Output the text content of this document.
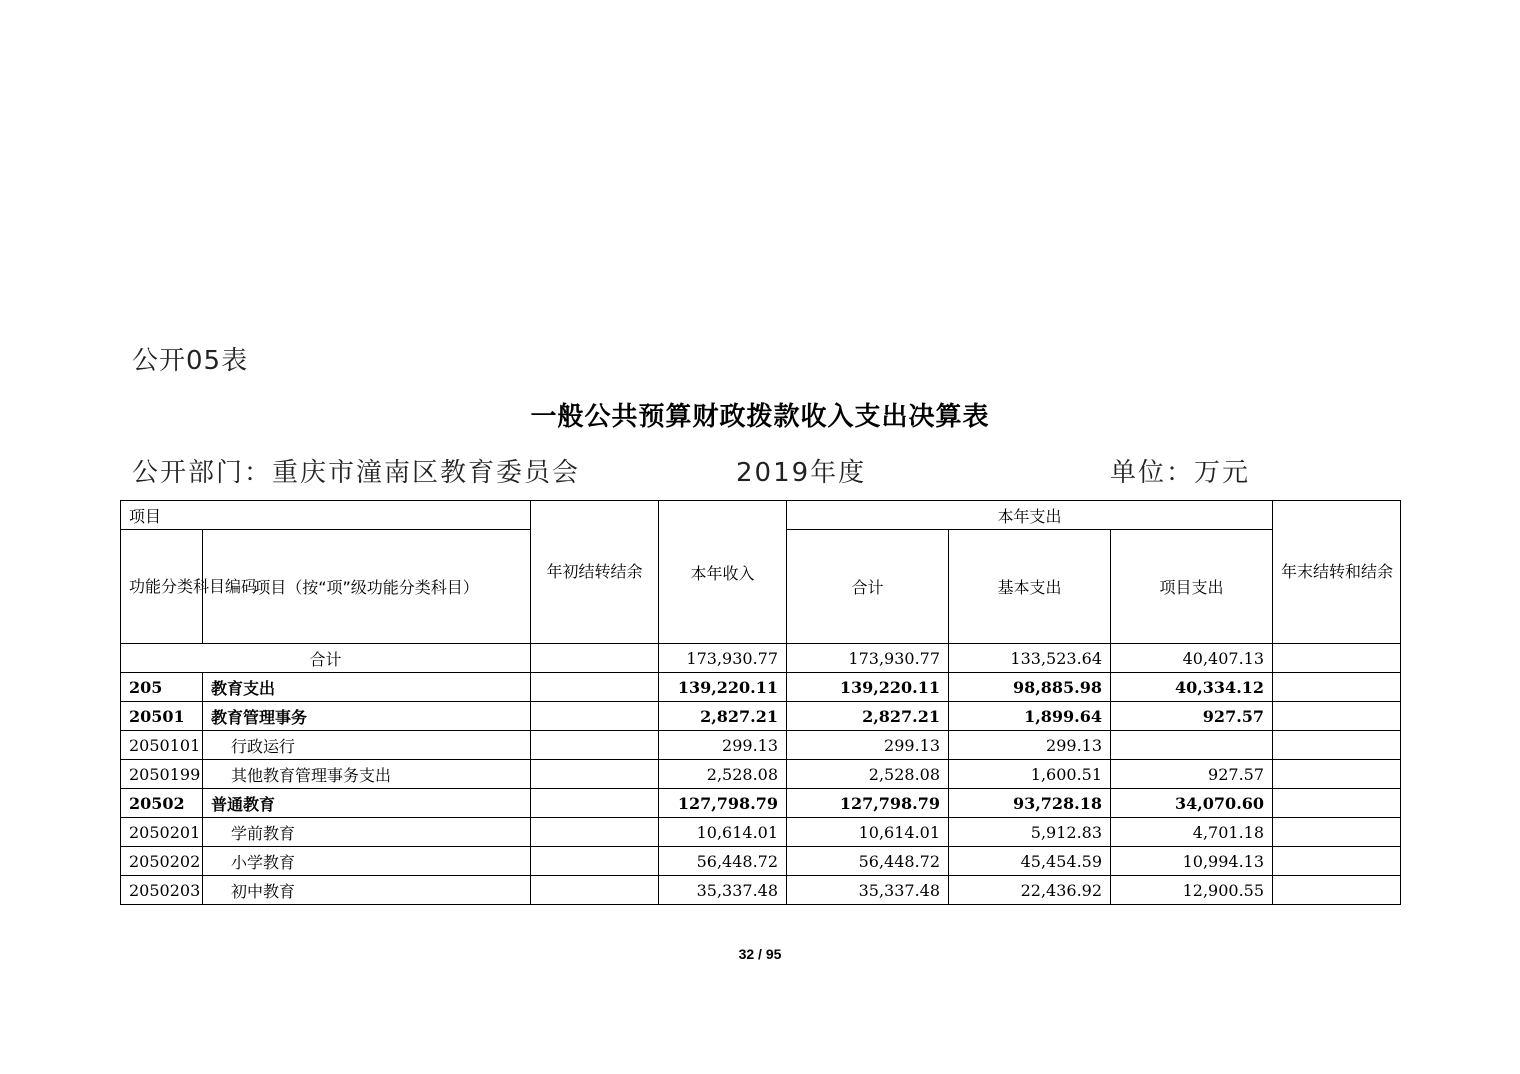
公开05表
一般公共预算财政拨款收入支出决算表
公开部门：重庆市潼南区教育委员会	2019年度	单位：万元
项目		年初结转结余	本年收入	本年支出			年末结转和结余
功能分类科目编码	项目（按“项”级功能分类科目）			合计	基本支出	项目支出	
合计			173,930.77	173,930.77	133,523.64	40,407.13	
205	教育支出		139,220.11	139,220.11	98,885.98	40,334.12	
20501	教育管理事务		2,827.21	2,827.21	1,899.64	927.57	
2050101	行政运行		299.13	299.13	299.13		
2050199	其他教育管理事务支出		2,528.08	2,528.08	1,600.51	927.57	
20502	普通教育		127,798.79	127,798.79	93,728.18	34,070.60	
2050201	学前教育		10,614.01	10,614.01	5,912.83	4,701.18	
2050202	小学教育		56,448.72	56,448.72	45,454.59	10,994.13	
2050203	初中教育		35,337.48	35,337.48	22,436.92	12,900.55	
32 / 95
